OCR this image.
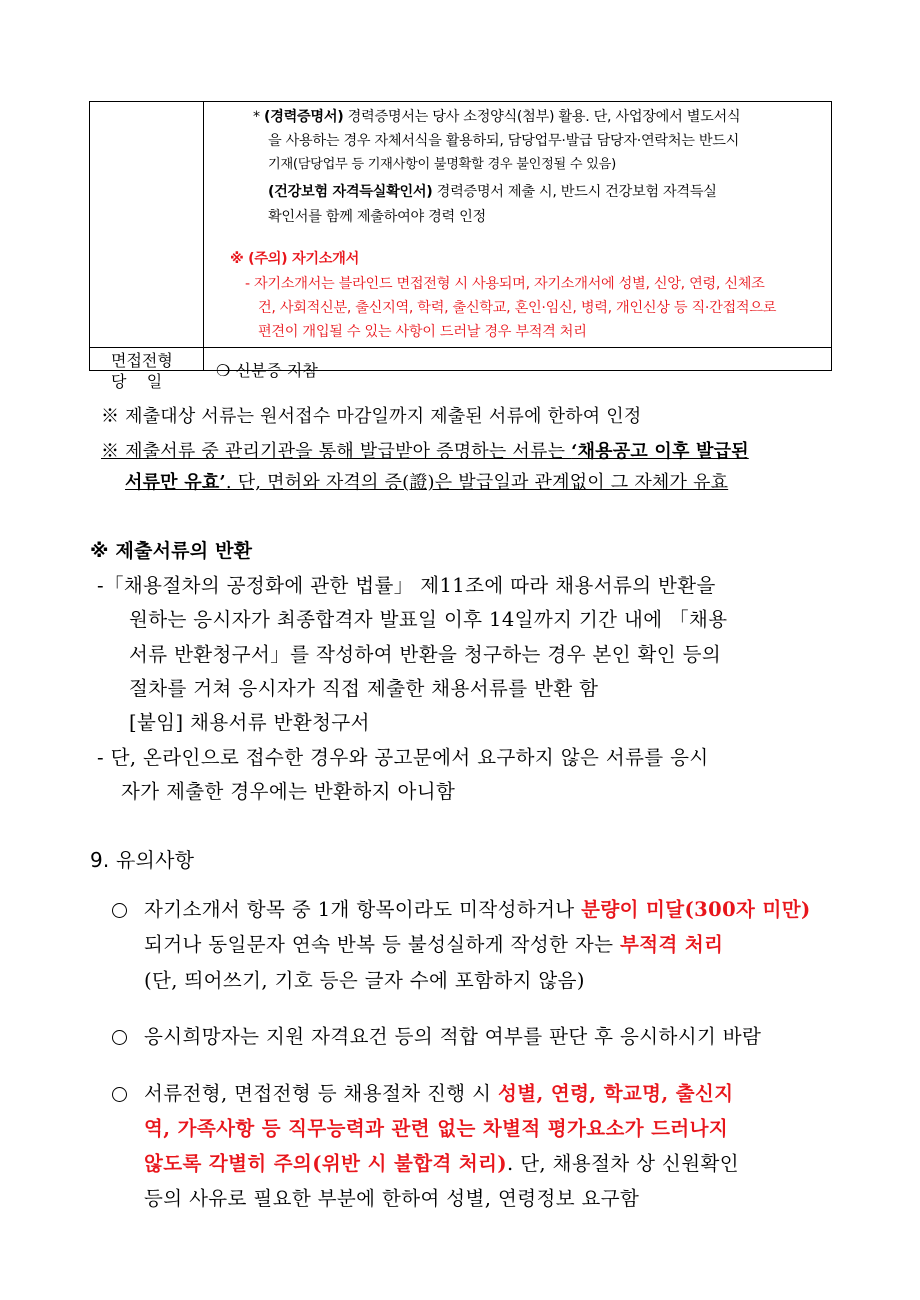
* (경력증명서) 경력증명서는 당사 소정양식(첨부) 활용. 단, 사업장에서 별도서식
을 사용하는 경우 자체서식을 활용하되, 담당업무·발급 담당자·연락처는 반드시
기재(담당업무 등 기재사항이 불명확할 경우 불인정될 수 있음)
(건강보험 자격득실확인서) 경력증명서 제출 시, 반드시 건강보험 자격득실
확인서를 함께 제출하여야 경력 인정
※ (주의) 자기소개서
- 자기소개서는 블라인드 면접전형 시 사용되며, 자기소개서에 성별, 신앙, 연령, 신체조
건, 사회적신분, 출신지역, 학력, 출신학교, 혼인·임신, 병력, 개인신상 등 직·간접적으로
편견이 개입될 수 있는 사항이 드러날 경우 부적격 처리
면접전형
당    일
❍ 신분증 지참
※ 제출대상 서류는 원서접수 마감일까지 제출된 서류에 한하여 인정
※ 제출서류 중 관리기관을 통해 발급받아 증명하는 서류는 ‘채용공고 이후 발급된
서류만 유효’. 단, 면허와 자격의 증(證)은 발급일과 관계없이 그 자체가 유효
※ 제출서류의 반환
-「채용절차의 공정화에 관한 법률」 제11조에 따라 채용서류의 반환을
원하는 응시자가 최종합격자 발표일 이후 14일까지 기간 내에 「채용
서류 반환청구서」를 작성하여 반환을 청구하는 경우 본인 확인 등의
절차를 거쳐 응시자가 직접 제출한 채용서류를 반환 함
[붙임] 채용서류 반환청구서
- 단, 온라인으로 접수한 경우와 공고문에서 요구하지 않은 서류를 응시
자가 제출한 경우에는 반환하지 아니함
9. 유의사항
자기소개서 항목 중 1개 항목이라도 미작성하거나 분량이 미달(300자 미만)
되거나 동일문자 연속 반복 등 불성실하게 작성한 자는 부적격 처리
(단, 띄어쓰기, 기호 등은 글자 수에 포함하지 않음)
응시희망자는 지원 자격요건 등의 적합 여부를 판단 후 응시하시기 바람
서류전형, 면접전형 등 채용절차 진행 시 성별, 연령, 학교명, 출신지
역, 가족사항 등 직무능력과 관련 없는 차별적 평가요소가 드러나지
않도록 각별히 주의(위반 시 불합격 처리). 단, 채용절차 상 신원확인
등의 사유로 필요한 부분에 한하여 성별, 연령정보 요구함
